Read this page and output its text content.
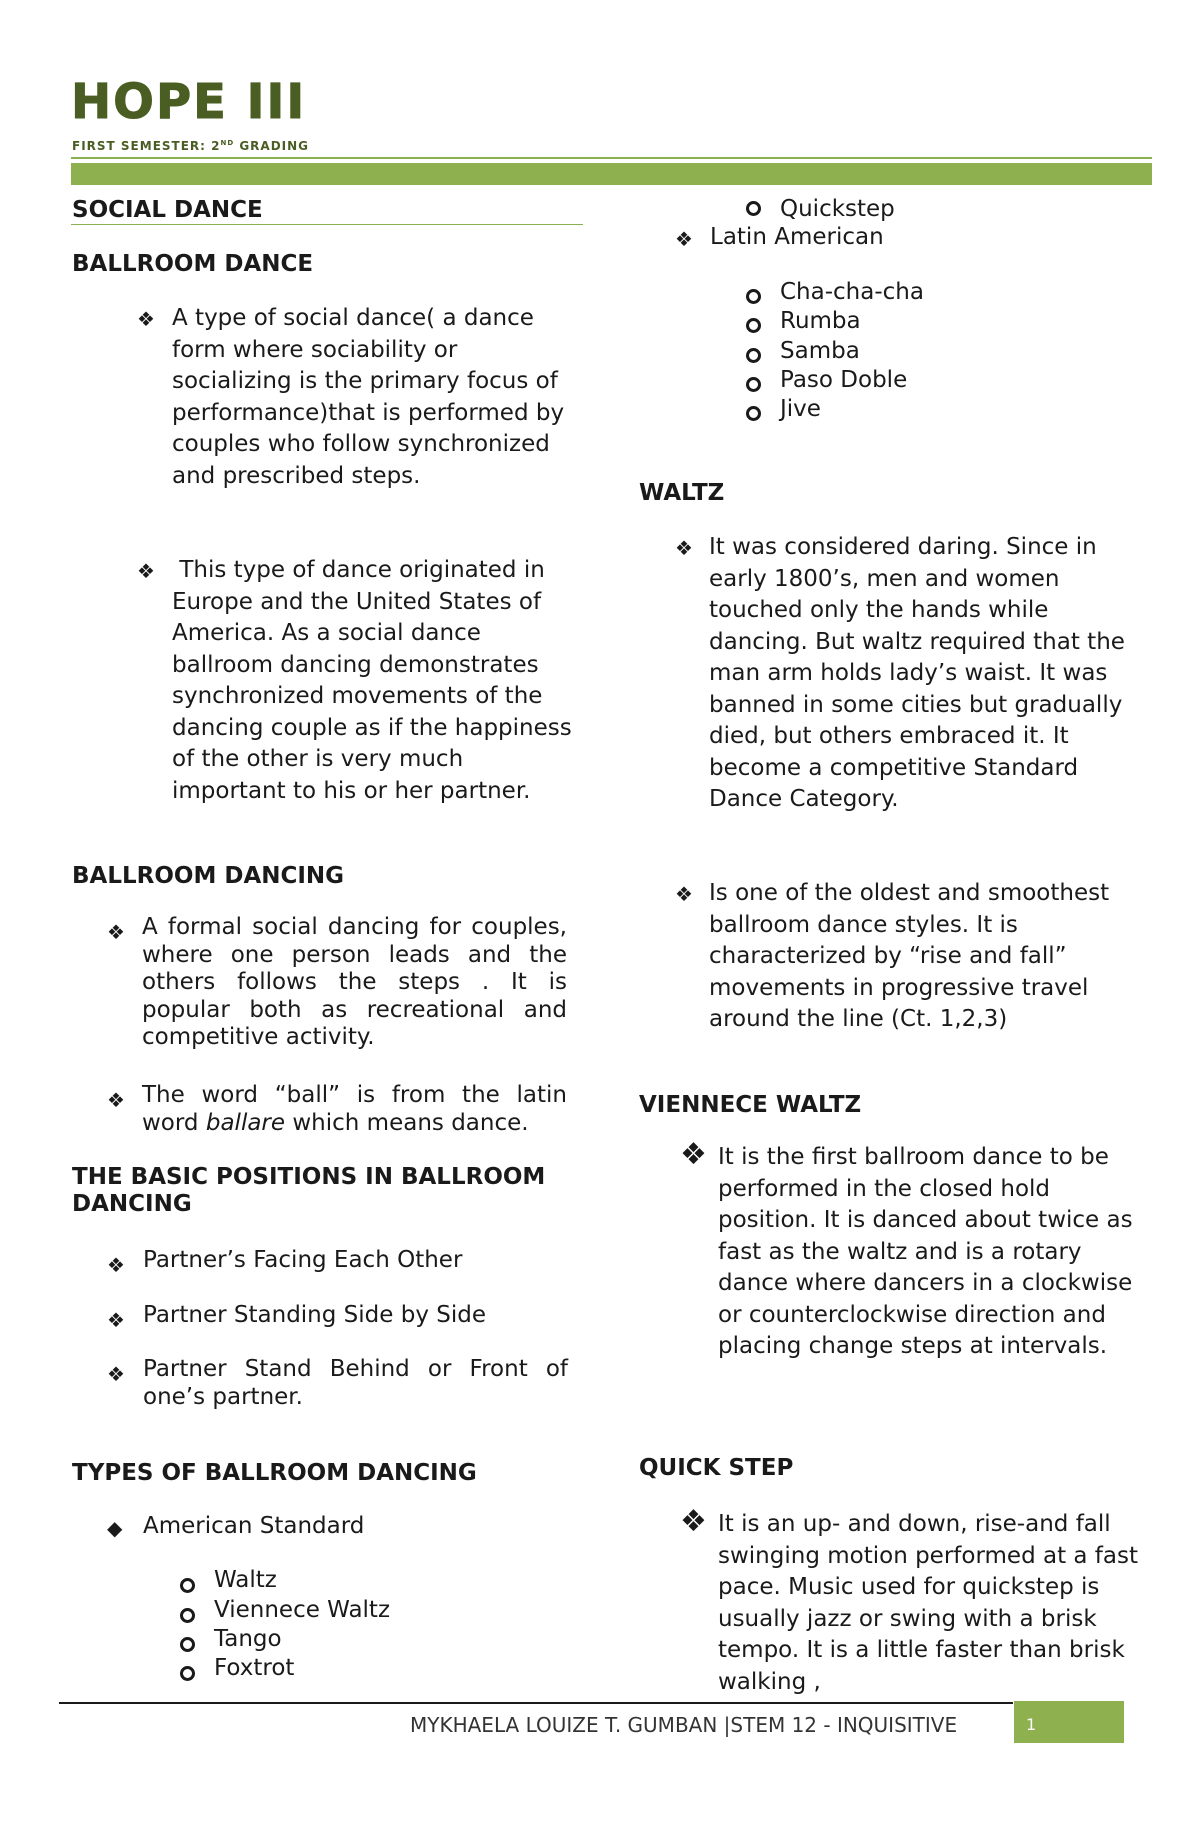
HOPE III
FIRST SEMESTER: 2ND GRADING
SOCIAL DANCE
BALLROOM DANCE
❖ A type of social dance( a dance form where sociability or socializing is the primary focus of performance)that is performed by couples who follow synchronized and prescribed steps.
❖ This type of dance originated in Europe and the United States of America. As a social dance ballroom dancing demonstrates synchronized movements of the dancing couple as if the happiness of the other is very much important to his or her partner.
BALLROOM DANCING
❖ A formal social dancing for couples, where one person leads and the others follows the steps . It is popular both as recreational and competitive activity.
❖ The word “ball” is from the latin word ballare which means dance.
THE BASIC POSITIONS IN BALLROOM
DANCING
❖ Partner’s Facing Each Other
❖ Partner Standing Side by Side
❖ Partner Stand Behind or Front of one’s partner.
TYPES OF BALLROOM DANCING
◆ American Standard
Waltz
Viennece Waltz
Tango
Foxtrot
Quickstep
❖ Latin American
Cha-cha-cha
Rumba
Samba
Paso Doble
Jive
WALTZ
❖ It was considered daring. Since in early 1800’s, men and women touched only the hands while dancing. But waltz required that the man arm holds lady’s waist. It was banned in some cities but gradually died, but others embraced it. It become a competitive Standard Dance Category.
❖ Is one of the oldest and smoothest ballroom dance styles. It is characterized by “rise and fall” movements in progressive travel around the line (Ct. 1,2,3)
VIENNECE WALTZ
❖ It is the first ballroom dance to be performed in the closed hold position. It is danced about twice as fast as the waltz and is a rotary dance where dancers in a clockwise or counterclockwise direction and placing change steps at intervals.
QUICK STEP
❖ It is an up- and down, rise-and fall swinging motion performed at a fast pace. Music used for quickstep is usually jazz or swing with a brisk tempo. It is a little faster than brisk walking ,
MYKHAELA LOUIZE T. GUMBAN |STEM 12 - INQUISITIVE	1
